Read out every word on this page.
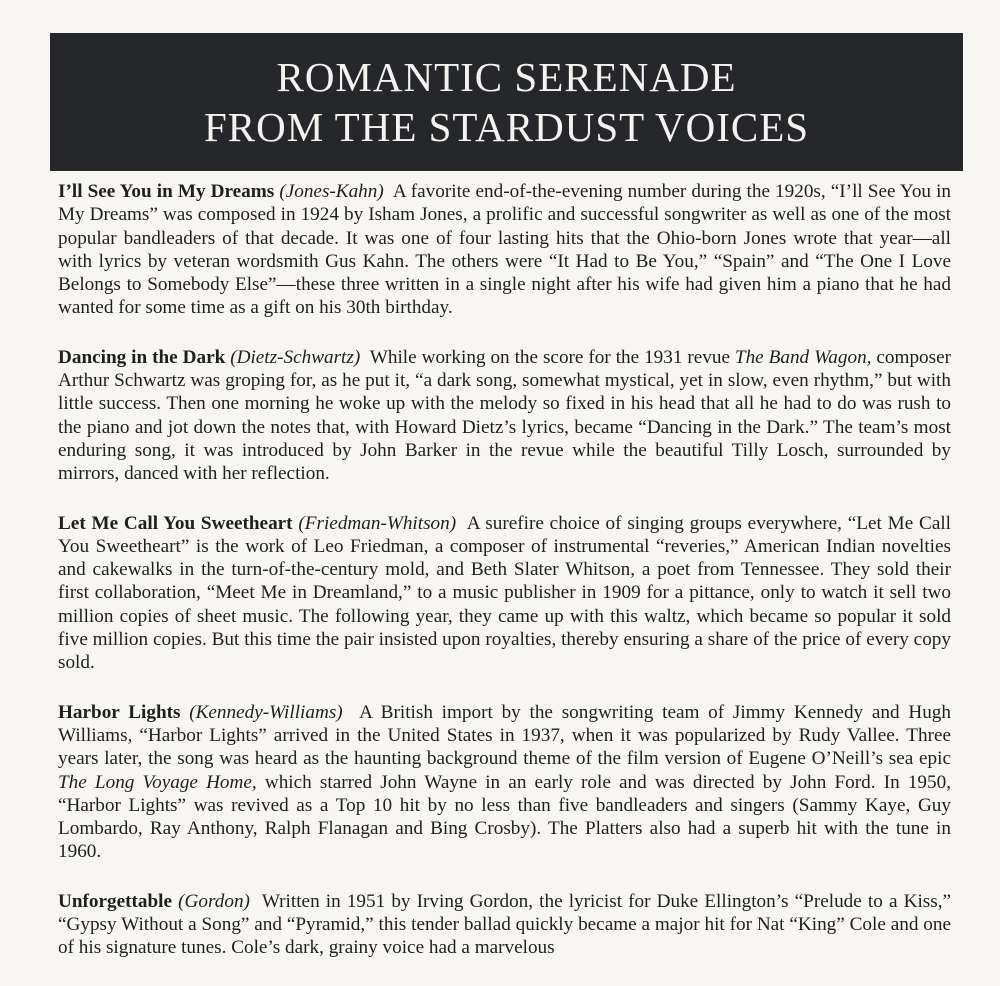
ROMANTIC SERENADE
FROM THE STARDUST VOICES

I’ll See You in My Dreams (Jones-Kahn) A favorite end-of-the-evening number during the 1920s, “I’ll See You in My Dreams” was composed in 1924 by Isham Jones, a prolific and successful songwriter as well as one of the most popular bandleaders of that decade. It was one of four lasting hits that the Ohio-born Jones wrote that year—all with lyrics by veteran wordsmith Gus Kahn. The others were “It Had to Be You,” “Spain” and “The One I Love Belongs to Somebody Else”—these three written in a single night after his wife had given him a piano that he had wanted for some time as a gift on his 30th birthday.

Dancing in the Dark (Dietz-Schwartz) While working on the score for the 1931 revue The Band Wagon, composer Arthur Schwartz was groping for, as he put it, “a dark song, somewhat mystical, yet in slow, even rhythm,” but with little success. Then one morning he woke up with the melody so fixed in his head that all he had to do was rush to the piano and jot down the notes that, with Howard Dietz’s lyrics, became “Dancing in the Dark.” The team’s most enduring song, it was introduced by John Barker in the revue while the beautiful Tilly Losch, surrounded by mirrors, danced with her reflection.

Let Me Call You Sweetheart (Friedman-Whitson) A surefire choice of singing groups everywhere, “Let Me Call You Sweetheart” is the work of Leo Friedman, a composer of instrumental “reveries,” American Indian novelties and cakewalks in the turn-of-the-century mold, and Beth Slater Whitson, a poet from Tennessee. They sold their first collaboration, “Meet Me in Dreamland,” to a music publisher in 1909 for a pittance, only to watch it sell two million copies of sheet music. The following year, they came up with this waltz, which became so popular it sold five million copies. But this time the pair insisted upon royalties, thereby ensuring a share of the price of every copy sold.

Harbor Lights (Kennedy-Williams) A British import by the songwriting team of Jimmy Kennedy and Hugh Williams, “Harbor Lights” arrived in the United States in 1937, when it was popularized by Rudy Vallee. Three years later, the song was heard as the haunting background theme of the film version of Eugene O’Neill’s sea epic The Long Voyage Home, which starred John Wayne in an early role and was directed by John Ford. In 1950, “Harbor Lights” was revived as a Top 10 hit by no less than five bandleaders and singers (Sammy Kaye, Guy Lombardo, Ray Anthony, Ralph Flanagan and Bing Crosby). The Platters also had a superb hit with the tune in 1960.

Unforgettable (Gordon) Written in 1951 by Irving Gordon, the lyricist for Duke Ellington’s “Prelude to a Kiss,” “Gypsy Without a Song” and “Pyramid,” this tender ballad quickly became a major hit for Nat “King” Cole and one of his signature tunes. Cole’s dark, grainy voice had a marvelous
